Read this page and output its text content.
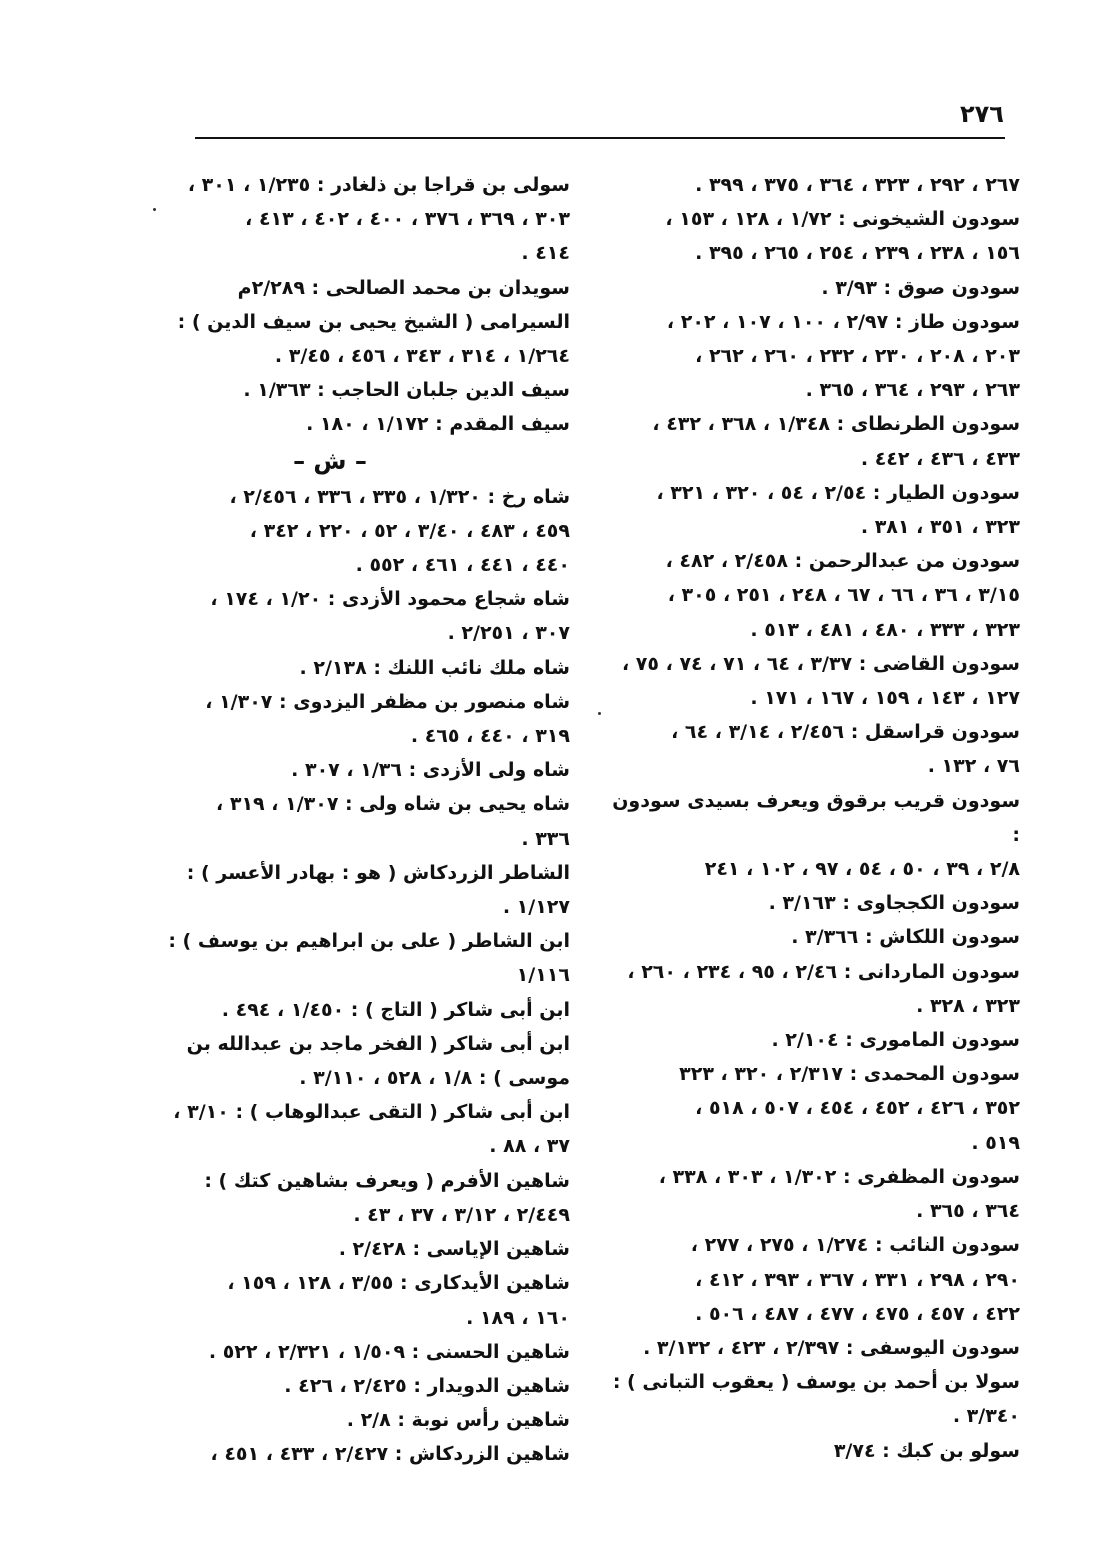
٢٧٦
٢٦٧ ، ٢٩٢ ، ٣٢٣ ، ٣٦٤ ، ٣٧٥ ، ٣٩٩ .
سودون الشيخونى : ١/٧٢ ، ١٢٨ ، ١٥٣ ،
١٥٦ ، ٢٣٨ ، ٢٣٩ ، ٢٥٤ ، ٢٦٥ ، ٣٩٥ .
سودون صوق : ٣/٩٣ .
سودون طاز : ٢/٩٧ ، ١٠٠ ، ١٠٧ ، ٢٠٢ ،
٢٠٣ ، ٢٠٨ ، ٢٣٠ ، ٢٣٢ ، ٢٦٠ ، ٢٦٢ ،
٢٦٣ ، ٢٩٣ ، ٣٦٤ ، ٣٦٥ .
سودون الطرنطاى : ١/٣٤٨ ، ٣٦٨ ، ٤٣٢ ،
٤٣٣ ، ٤٣٦ ، ٤٤٢ .
سودون الطيار : ٢/٥٤ ، ٥٤ ، ٣٢٠ ، ٣٢١ ،
٣٢٣ ، ٣٥١ ، ٣٨١ .
سودون من عبدالرحمن : ٢/٤٥٨ ، ٤٨٢ ،
٣/١٥ ، ٣٦ ، ٦٦ ، ٦٧ ، ٢٤٨ ، ٢٥١ ، ٣٠٥ ،
٣٢٣ ، ٣٣٣ ، ٤٨٠ ، ٤٨١ ، ٥١٣ .
سودون القاضى : ٣/٣٧ ، ٦٤ ، ٧١ ، ٧٤ ، ٧٥ ،
١٢٧ ، ١٤٣ ، ١٥٩ ، ١٦٧ ، ١٧١ .
سودون قراسقل : ٢/٤٥٦ ، ٣/١٤ ، ٦٤ ،
٧٦ ، ١٣٢ .
سودون قريب برقوق ويعرف بسيدى سودون :
٢/٨ ، ٣٩ ، ٥٠ ، ٥٤ ، ٩٧ ، ١٠٢ ، ٢٤١
سودون الكججاوى : ٣/١٦٣ .
سودون اللكاش : ٣/٣٦٦ .
سودون الماردانى : ٢/٤٦ ، ٩٥ ، ٢٣٤ ، ٢٦٠ ،
٣٢٣ ، ٣٢٨ .
سودون المامورى : ٢/١٠٤ .
سودون المحمدى : ٢/٣١٧ ، ٣٢٠ ، ٣٢٣
٣٥٢ ، ٤٢٦ ، ٤٥٢ ، ٤٥٤ ، ٥٠٧ ، ٥١٨ ،
٥١٩ .
سودون المظفرى : ١/٣٠٢ ، ٣٠٣ ، ٣٣٨ ،
٣٦٤ ، ٣٦٥ .
سودون النائب : ١/٢٧٤ ، ٢٧٥ ، ٢٧٧ ،
٢٩٠ ، ٢٩٨ ، ٣٣١ ، ٣٦٧ ، ٣٩٣ ، ٤١٢ ،
٤٢٢ ، ٤٥٧ ، ٤٧٥ ، ٤٧٧ ، ٤٨٧ ، ٥٠٦ .
سودون اليوسفى : ٢/٣٩٧ ، ٤٢٣ ، ٣/١٣٢ .
سولا بن أحمد بن يوسف ( يعقوب التبانى ) :
٣/٣٤٠ .
سولو بن كبك : ٣/٧٤
سولى بن قراجا بن ذلغادر : ١/٢٣٥ ، ٣٠١ ،
٣٠٣ ، ٣٦٩ ، ٣٧٦ ، ٤٠٠ ، ٤٠٢ ، ٤١٣ ،
٤١٤ .
سويدان بن محمد الصالحى : ٢/٢٨٩م
السيرامى ( الشيخ يحيى بن سيف الدين ) :
١/٢٦٤ ، ٣١٤ ، ٣٤٣ ، ٤٥٦ ، ٣/٤٥ .
سيف الدين جلبان الحاجب : ١/٣٦٣ .
سيف المقدم : ١/١٧٢ ، ١٨٠ .
– ش –
شاه رخ : ١/٣٢٠ ، ٣٣٥ ، ٣٣٦ ، ٢/٤٥٦ ،
٤٥٩ ، ٤٨٣ ، ٣/٤٠ ، ٥٢ ، ٢٢٠ ، ٣٤٢ ،
٤٤٠ ، ٤٤١ ، ٤٦١ ، ٥٥٢ .
شاه شجاع محمود الأزدى : ١/٢٠ ، ١٧٤ ،
٣٠٧ ، ٢/٢٥١ .
شاه ملك نائب اللنك : ٢/١٣٨ .
شاه منصور بن مظفر اليزدوى : ١/٣٠٧ ،
٣١٩ ، ٤٤٠ ، ٤٦٥ .
شاه ولى الأزدى : ١/٣٦ ، ٣٠٧ .
شاه يحيى بن شاه ولى : ١/٣٠٧ ، ٣١٩ ،
٣٣٦ .
الشاطر الزردكاش ( هو : بهادر الأعسر ) :
١/١٢٧ .
ابن الشاطر ( على بن ابراهيم بن يوسف ) :
١/١١٦
ابن أبى شاكر ( التاج ) : ١/٤٥٠ ، ٤٩٤ .
ابن أبى شاكر ( الفخر ماجد بن عبدالله بن
موسى ) : ١/٨ ، ٥٢٨ ، ٣/١١٠ .
ابن أبى شاكر ( التقى عبدالوهاب ) : ٣/١٠ ،
٣٧ ، ٨٨ .
شاهين الأفرم ( ويعرف بشاهين كتك ) :
٢/٤٤٩ ، ٣/١٢ ، ٣٧ ، ٤٣ .
شاهين الإياسى : ٢/٤٢٨ .
شاهين الأيدكارى : ٣/٥٥ ، ١٢٨ ، ١٥٩ ،
١٦٠ ، ١٨٩ .
شاهين الحسنى : ١/٥٠٩ ، ٢/٣٢١ ، ٥٢٢ .
شاهين الدويدار : ٢/٤٢٥ ، ٤٢٦ .
شاهين رأس نوبة : ٢/٨ .
شاهين الزردكاش : ٢/٤٢٧ ، ٤٣٣ ، ٤٥١ ،
